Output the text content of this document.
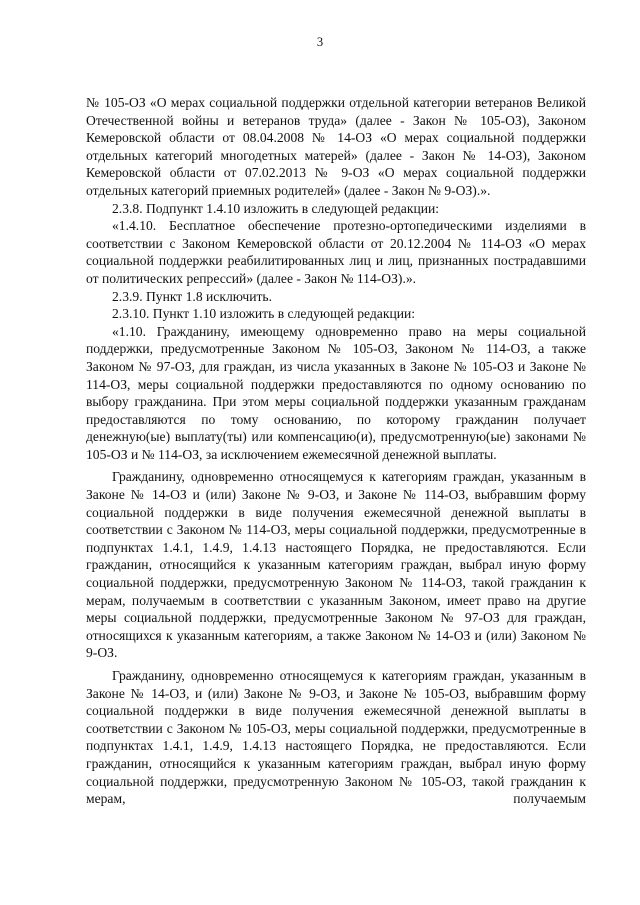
3

№ 105-ОЗ «О мерах социальной поддержки отдельной категории ветеранов Великой Отечественной войны и ветеранов труда» (далее - Закон № 105-ОЗ), Законом Кемеровской области от 08.04.2008 № 14-ОЗ «О мерах социальной поддержки отдельных категорий многодетных матерей» (далее - Закон № 14-ОЗ), Законом Кемеровской области от 07.02.2013 № 9-ОЗ «О мерах социальной поддержки отдельных категорий приемных родителей» (далее - Закон № 9-ОЗ).».

2.3.8. Подпункт 1.4.10 изложить в следующей редакции:

«1.4.10. Бесплатное обеспечение протезно-ортопедическими изделиями в соответствии с Законом Кемеровской области от 20.12.2004 № 114-ОЗ «О мерах социальной поддержки реабилитированных лиц и лиц, признанных пострадавшими от политических репрессий» (далее - Закон № 114-ОЗ).».

2.3.9. Пункт 1.8 исключить.

2.3.10. Пункт 1.10 изложить в следующей редакции:

«1.10. Гражданину, имеющему одновременно право на меры социальной поддержки, предусмотренные Законом № 105-ОЗ, Законом № 114-ОЗ, а также Законом № 97-ОЗ, для граждан, из числа указанных в Законе № 105-ОЗ и Законе № 114-ОЗ, меры социальной поддержки предоставляются по одному основанию по выбору гражданина. При этом меры социальной поддержки указанным гражданам предоставляются по тому основанию, по которому гражданин получает денежную(ые) выплату(ты) или компенсацию(и), предусмотренную(ые) законами № 105-ОЗ и № 114-ОЗ, за исключением ежемесячной денежной выплаты.

Гражданину, одновременно относящемуся к категориям граждан, указанным в Законе № 14-ОЗ и (или) Законе № 9-ОЗ, и Законе № 114-ОЗ, выбравшим форму социальной поддержки в виде получения ежемесячной денежной выплаты в соответствии с Законом № 114-ОЗ, меры социальной поддержки, предусмотренные в подпунктах 1.4.1, 1.4.9, 1.4.13 настоящего Порядка, не предоставляются. Если гражданин, относящийся к указанным категориям граждан, выбрал иную форму социальной поддержки, предусмотренную Законом № 114-ОЗ, такой гражданин к мерам, получаемым в соответствии с указанным Законом, имеет право на другие меры социальной поддержки, предусмотренные Законом № 97-ОЗ для граждан, относящихся к указанным категориям, а также Законом № 14-ОЗ и (или) Законом № 9-ОЗ.

Гражданину, одновременно относящемуся к категориям граждан, указанным в Законе № 14-ОЗ, и (или) Законе № 9-ОЗ, и Законе № 105-ОЗ, выбравшим форму социальной поддержки в виде получения ежемесячной денежной выплаты в соответствии с Законом № 105-ОЗ, меры социальной поддержки, предусмотренные в подпунктах 1.4.1, 1.4.9, 1.4.13 настоящего Порядка, не предоставляются. Если гражданин, относящийся к указанным категориям граждан, выбрал иную форму социальной поддержки, предусмотренную Законом № 105-ОЗ, такой гражданин к мерам, получаемым
